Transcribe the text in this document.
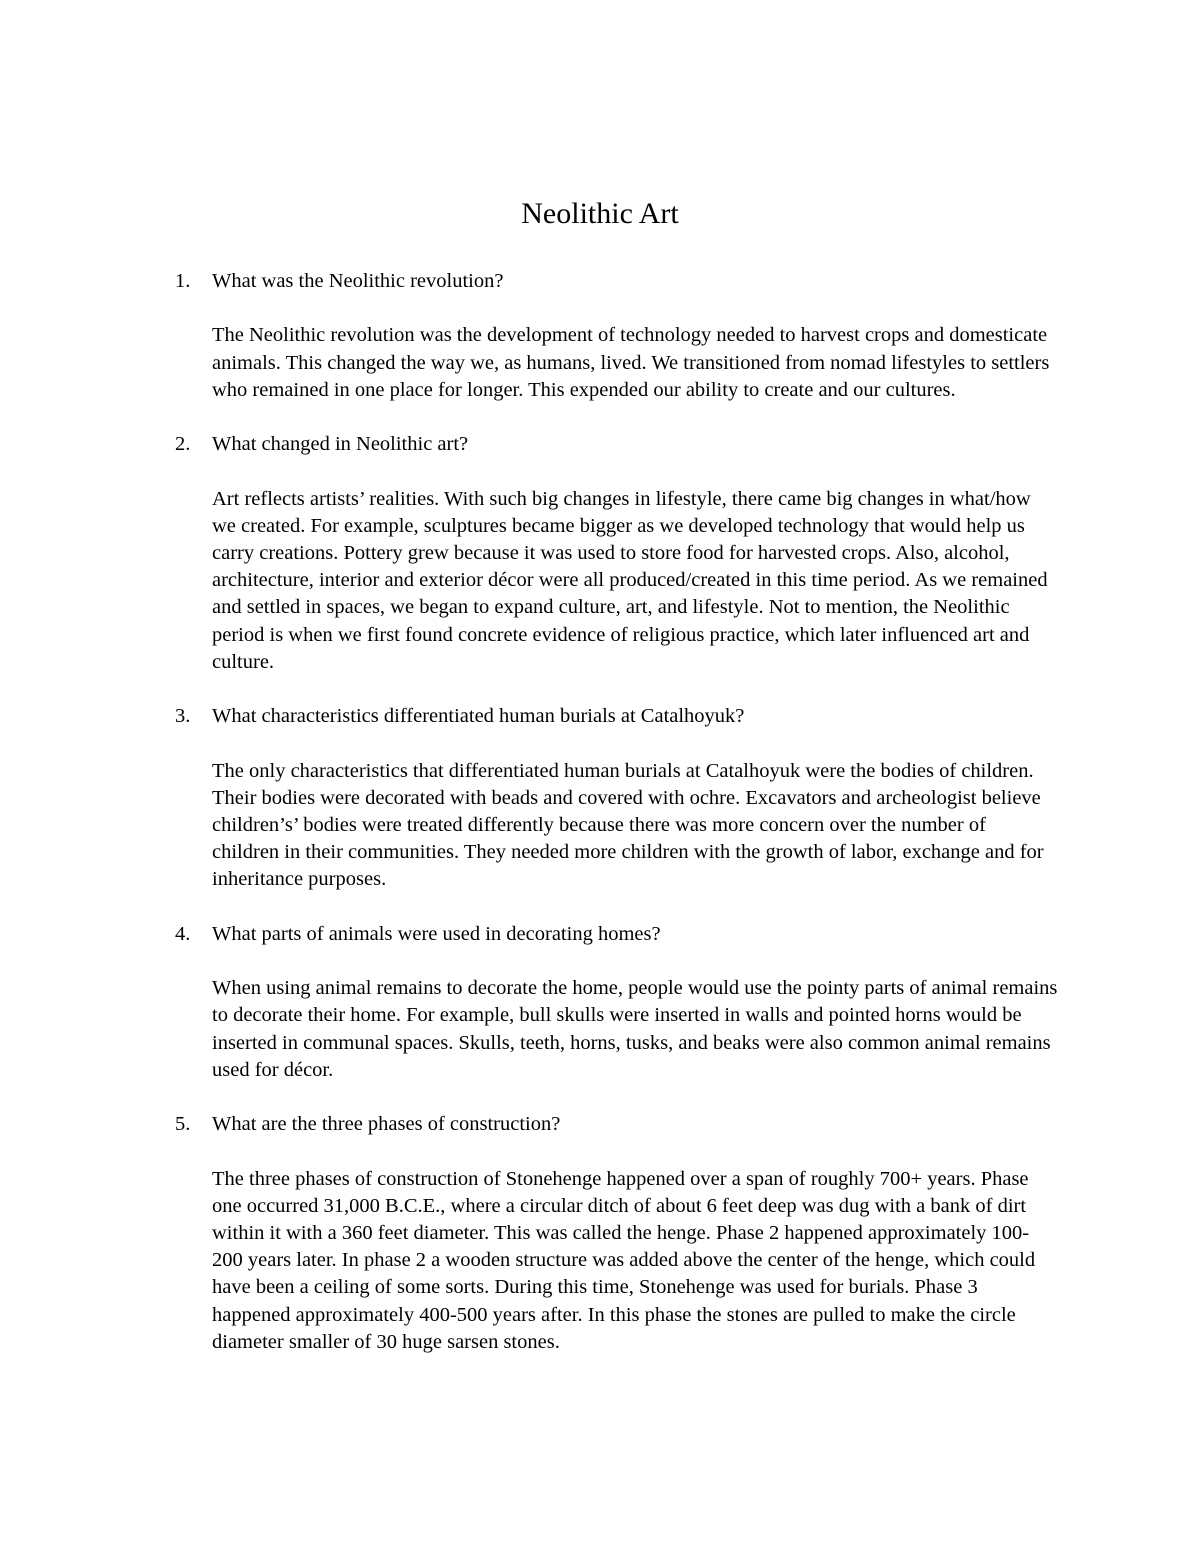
Neolithic Art
1.	What was the Neolithic revolution?

The Neolithic revolution was the development of technology needed to harvest crops and domesticate animals. This changed the way we, as humans, lived. We transitioned from nomad lifestyles to settlers who remained in one place for longer. This expended our ability to create and our cultures.

2.	What changed in Neolithic art?

Art reflects artists’ realities. With such big changes in lifestyle, there came big changes in what/how we created. For example, sculptures became bigger as we developed technology that would help us carry creations. Pottery grew because it was used to store food for harvested crops. Also, alcohol, architecture, interior and exterior décor were all produced/created in this time period. As we remained and settled in spaces, we began to expand culture, art, and lifestyle. Not to mention, the Neolithic period is when we first found concrete evidence of religious practice, which later influenced art and culture.

3.	What characteristics differentiated human burials at Catalhoyuk?

The only characteristics that differentiated human burials at Catalhoyuk were the bodies of children. Their bodies were decorated with beads and covered with ochre. Excavators and archeologist believe children’s’ bodies were treated differently because there was more concern over the number of children in their communities. They needed more children with the growth of labor, exchange and for inheritance purposes.

4.	What parts of animals were used in decorating homes?

When using animal remains to decorate the home, people would use the pointy parts of animal remains to decorate their home. For example, bull skulls were inserted in walls and pointed horns would be inserted in communal spaces. Skulls, teeth, horns, tusks, and beaks were also common animal remains used for décor.

5.	What are the three phases of construction?

The three phases of construction of Stonehenge happened over a span of roughly 700+ years. Phase one occurred 31,000 B.C.E., where a circular ditch of about 6 feet deep was dug with a bank of dirt within it with a 360 feet diameter. This was called the henge. Phase 2 happened approximately 100-200 years later. In phase 2 a wooden structure was added above the center of the henge, which could have been a ceiling of some sorts. During this time, Stonehenge was used for burials. Phase 3 happened approximately 400-500 years after. In this phase the stones are pulled to make the circle diameter smaller of 30 huge sarsen stones.
